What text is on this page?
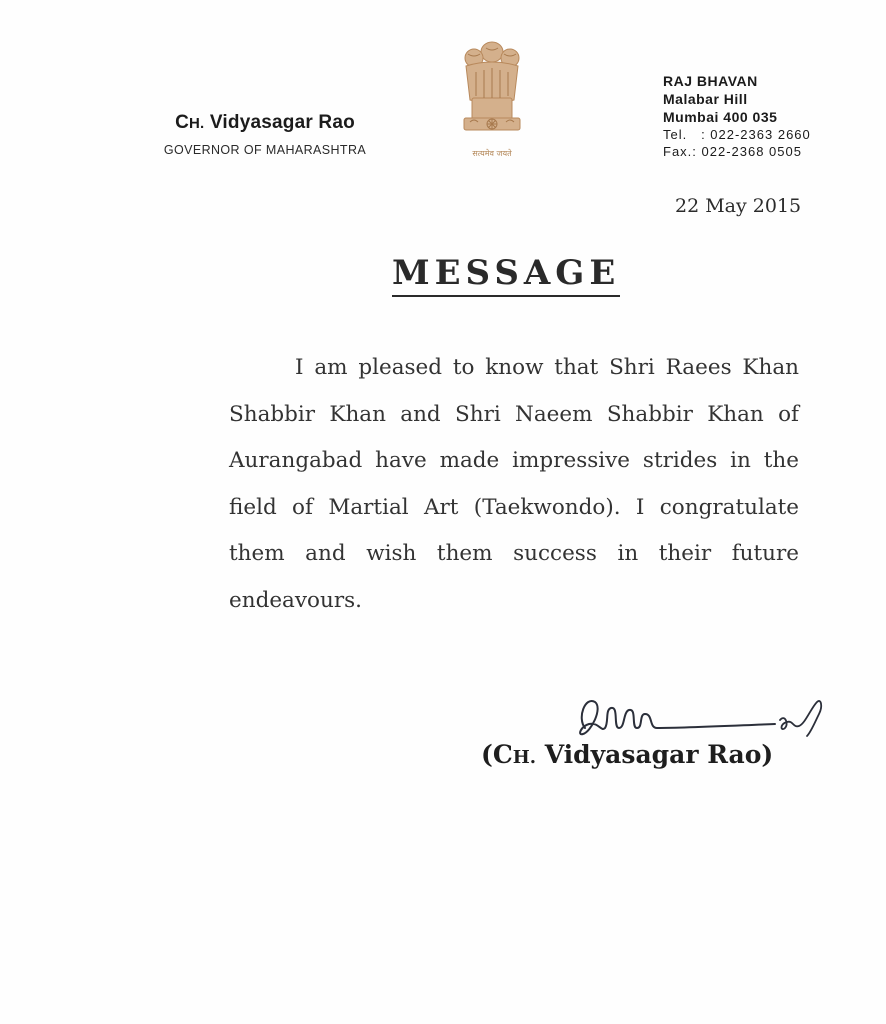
CH. Vidyasagar Rao
GOVERNOR OF MAHARASHTRA	सत्यमेव जयते
RAJ BHAVAN
Malabar Hill
Mumbai 400 035
Tel.   : 022-2363 2660
Fax.: 022-2368 0505
22 May 2015
MESSAGE
I am pleased to know that Shri Raees Khan Shabbir Khan and Shri Naeem Shabbir Khan of Aurangabad have made impressive strides in the field of Martial Art (Taekwondo). I congratulate them and wish them success in their future endeavours.
(CH. Vidyasagar Rao)
